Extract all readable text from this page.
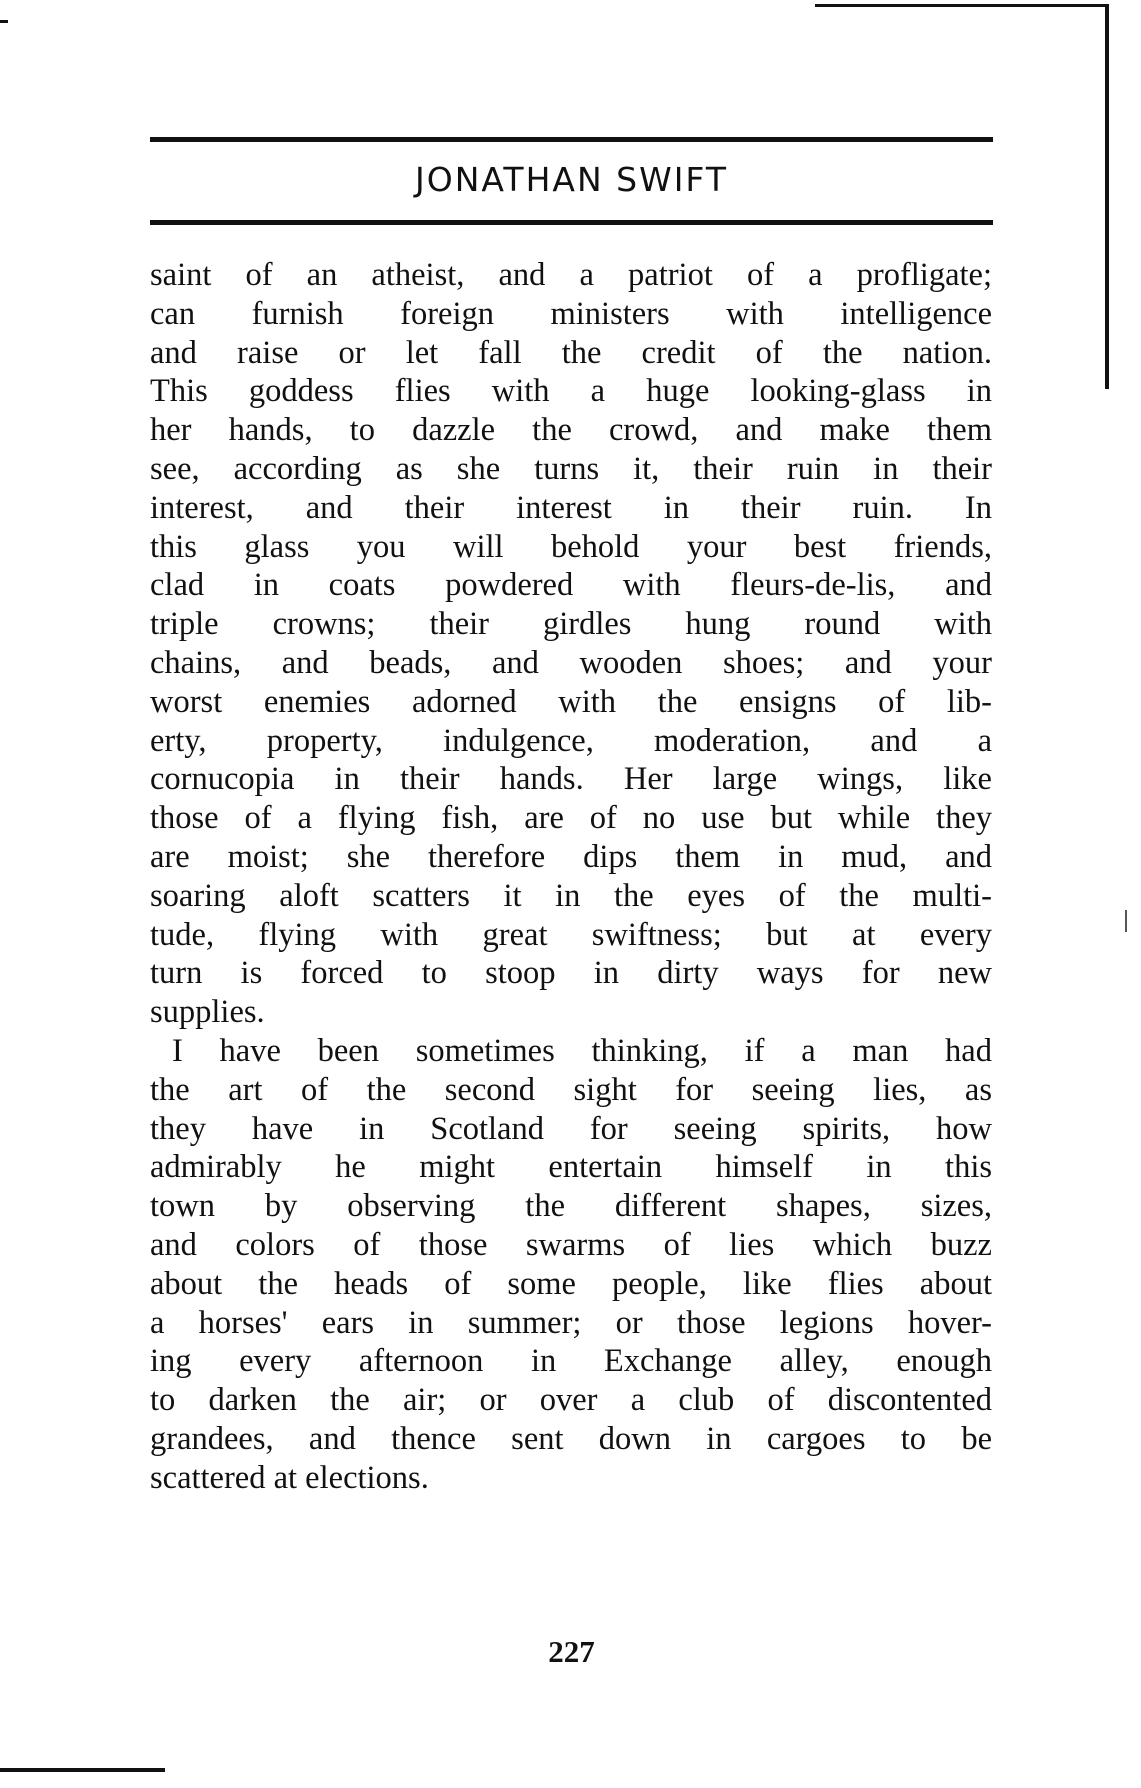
JONATHAN SWIFT
saint of an atheist, and a patriot of a profligate;
can furnish foreign ministers with intelligence
and raise or let fall the credit of the nation.
This goddess flies with a huge looking-glass in
her hands, to dazzle the crowd, and make them
see, according as she turns it, their ruin in their
interest, and their interest in their ruin. In
this glass you will behold your best friends,
clad in coats powdered with fleurs-de-lis, and
triple crowns; their girdles hung round with
chains, and beads, and wooden shoes; and your
worst enemies adorned with the ensigns of lib-
erty, property, indulgence, moderation, and a
cornucopia in their hands. Her large wings, like
those of a flying fish, are of no use but while they
are moist; she therefore dips them in mud, and
soaring aloft scatters it in the eyes of the multi-
tude, flying with great swiftness; but at every
turn is forced to stoop in dirty ways for new
supplies.
I have been sometimes thinking, if a man had
the art of the second sight for seeing lies, as
they have in Scotland for seeing spirits, how
admirably he might entertain himself in this
town by observing the different shapes, sizes,
and colors of those swarms of lies which buzz
about the heads of some people, like flies about
a horses' ears in summer; or those legions hover-
ing every afternoon in Exchange alley, enough
to darken the air; or over a club of discontented
grandees, and thence sent down in cargoes to be
scattered at elections.
227
